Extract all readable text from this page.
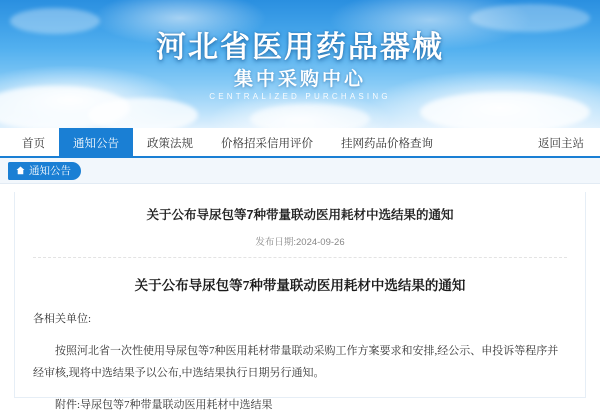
河北省医用药品器械
集中采购中心
CENTRALIZED PURCHASING
首页	通知公告	政策法规	价格招采信用评价	挂网药品价格查询	返回主站
通知公告
关于公布导尿包等7种带量联动医用耗材中选结果的通知
发布日期:2024-09-26
关于公布导尿包等7种带量联动医用耗材中选结果的通知
各相关单位:
按照河北省一次性使用导尿包等7种医用耗材带量联动采购工作方案要求和安排,经公示、申投诉等程序并经审核,现将中选结果予以公布,中选结果执行日期另行通知。
附件:导尿包等7种带量联动医用耗材中选结果
